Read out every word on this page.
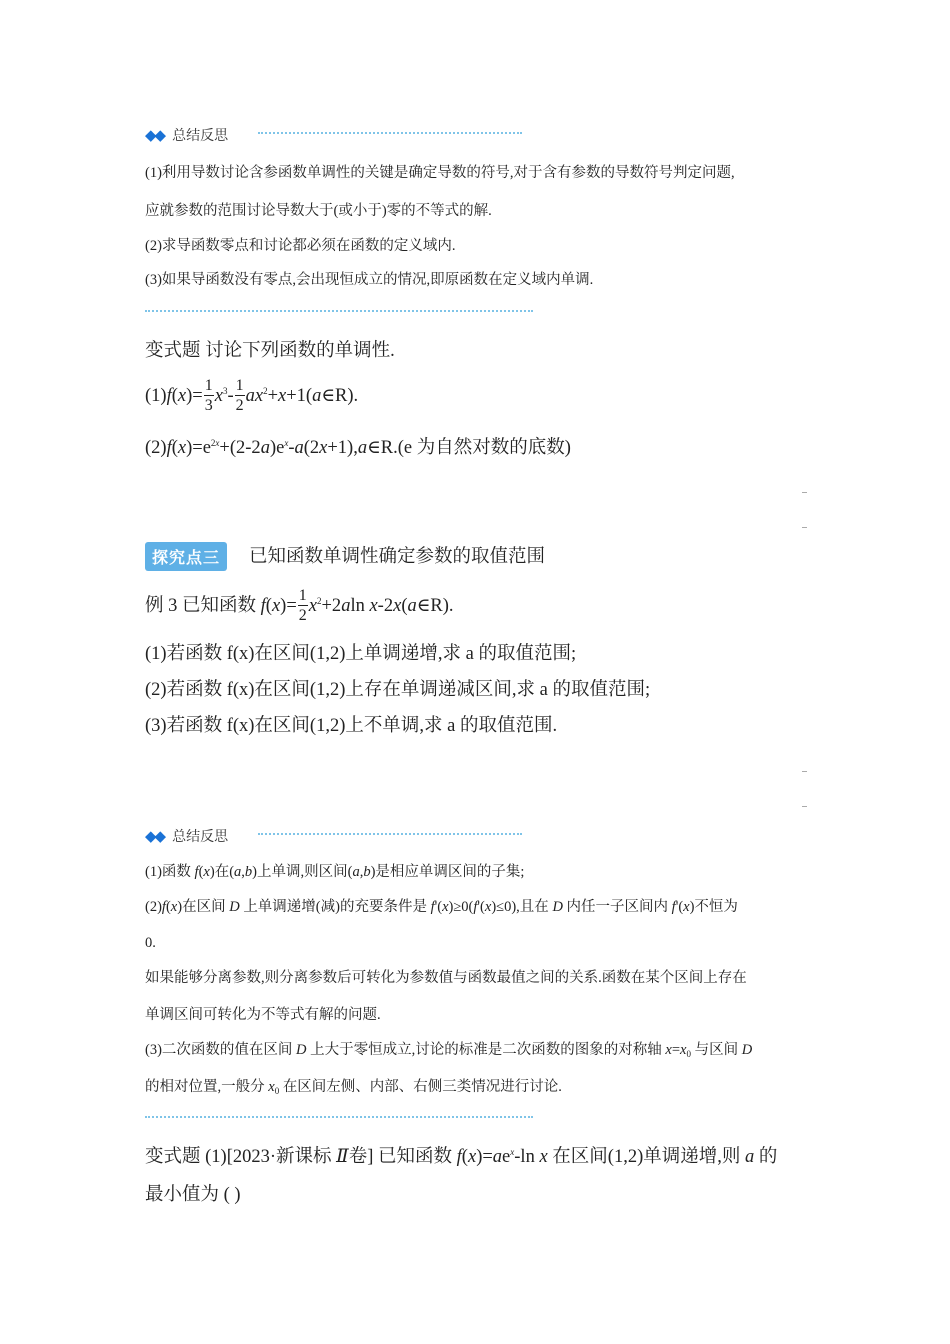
◆◆ 总结反思
(1)利用导数讨论含参函数单调性的关键是确定导数的符号,对于含有参数的导数符号判定问题,
应就参数的范围讨论导数大于(或小于)零的不等式的解.
(2)求导函数零点和讨论都必须在函数的定义域内.
(3)如果导函数没有零点,会出现恒成立的情况,即原函数在定义域内单调.
变式题 讨论下列函数的单调性.
$(1)f(x)= \frac{1}{3} x^3- \frac{1}{2}$ $ax^2+x+1(a\in R)$.
$(2)f(x)=e^{2x}+(2-2a)e^x-a(2x+1),a\in R.(e$ 为自然对数的底数)
探究点三	已知函数单调性确定参数的取值范围
例 3 已知函数 $f(x)= \frac{1}{2} x^2+2aln$ x-2x(a∈R).
(1)若函数 f(x)在区间(1,2)上单调递增,求 a 的取值范围;
(2)若函数 f(x)在区间(1,2)上存在单调递减区间,求 a 的取值范围;
(3)若函数 f(x)在区间(1,2)上不单调,求 a 的取值范围.
◆◆ 总结反思
(1)函数 f(x)在(a,b)上单调,则区间(a,b)是相应单调区间的子集;
(2)f(x)在区间 D 上单调递增(减)的充要条件是 f'(x)≥0(f'(x)≤0),且在 D 内任一子区间内 f'(x)不恒为
0.
如果能够分离参数,则分离参数后可转化为参数值与函数最值之间的关系.函数在某个区间上存在
单调区间可转化为不等式有解的问题.
(3)二次函数的值在区间 D 上大于零恒成立,讨论的标准是二次函数的图象的对称轴 $x=x_0$ 与区间 D
的相对位置,一般分 $x_0$ 在区间左侧、内部、右侧三类情况进行讨论.
变式题 (1)[2023·新课标 Ⅱ卷] 已知函数 $f(x)=ae^x-\ln$ x 在区间(1,2)单调递增,则 a 的
最小值为 ( )
